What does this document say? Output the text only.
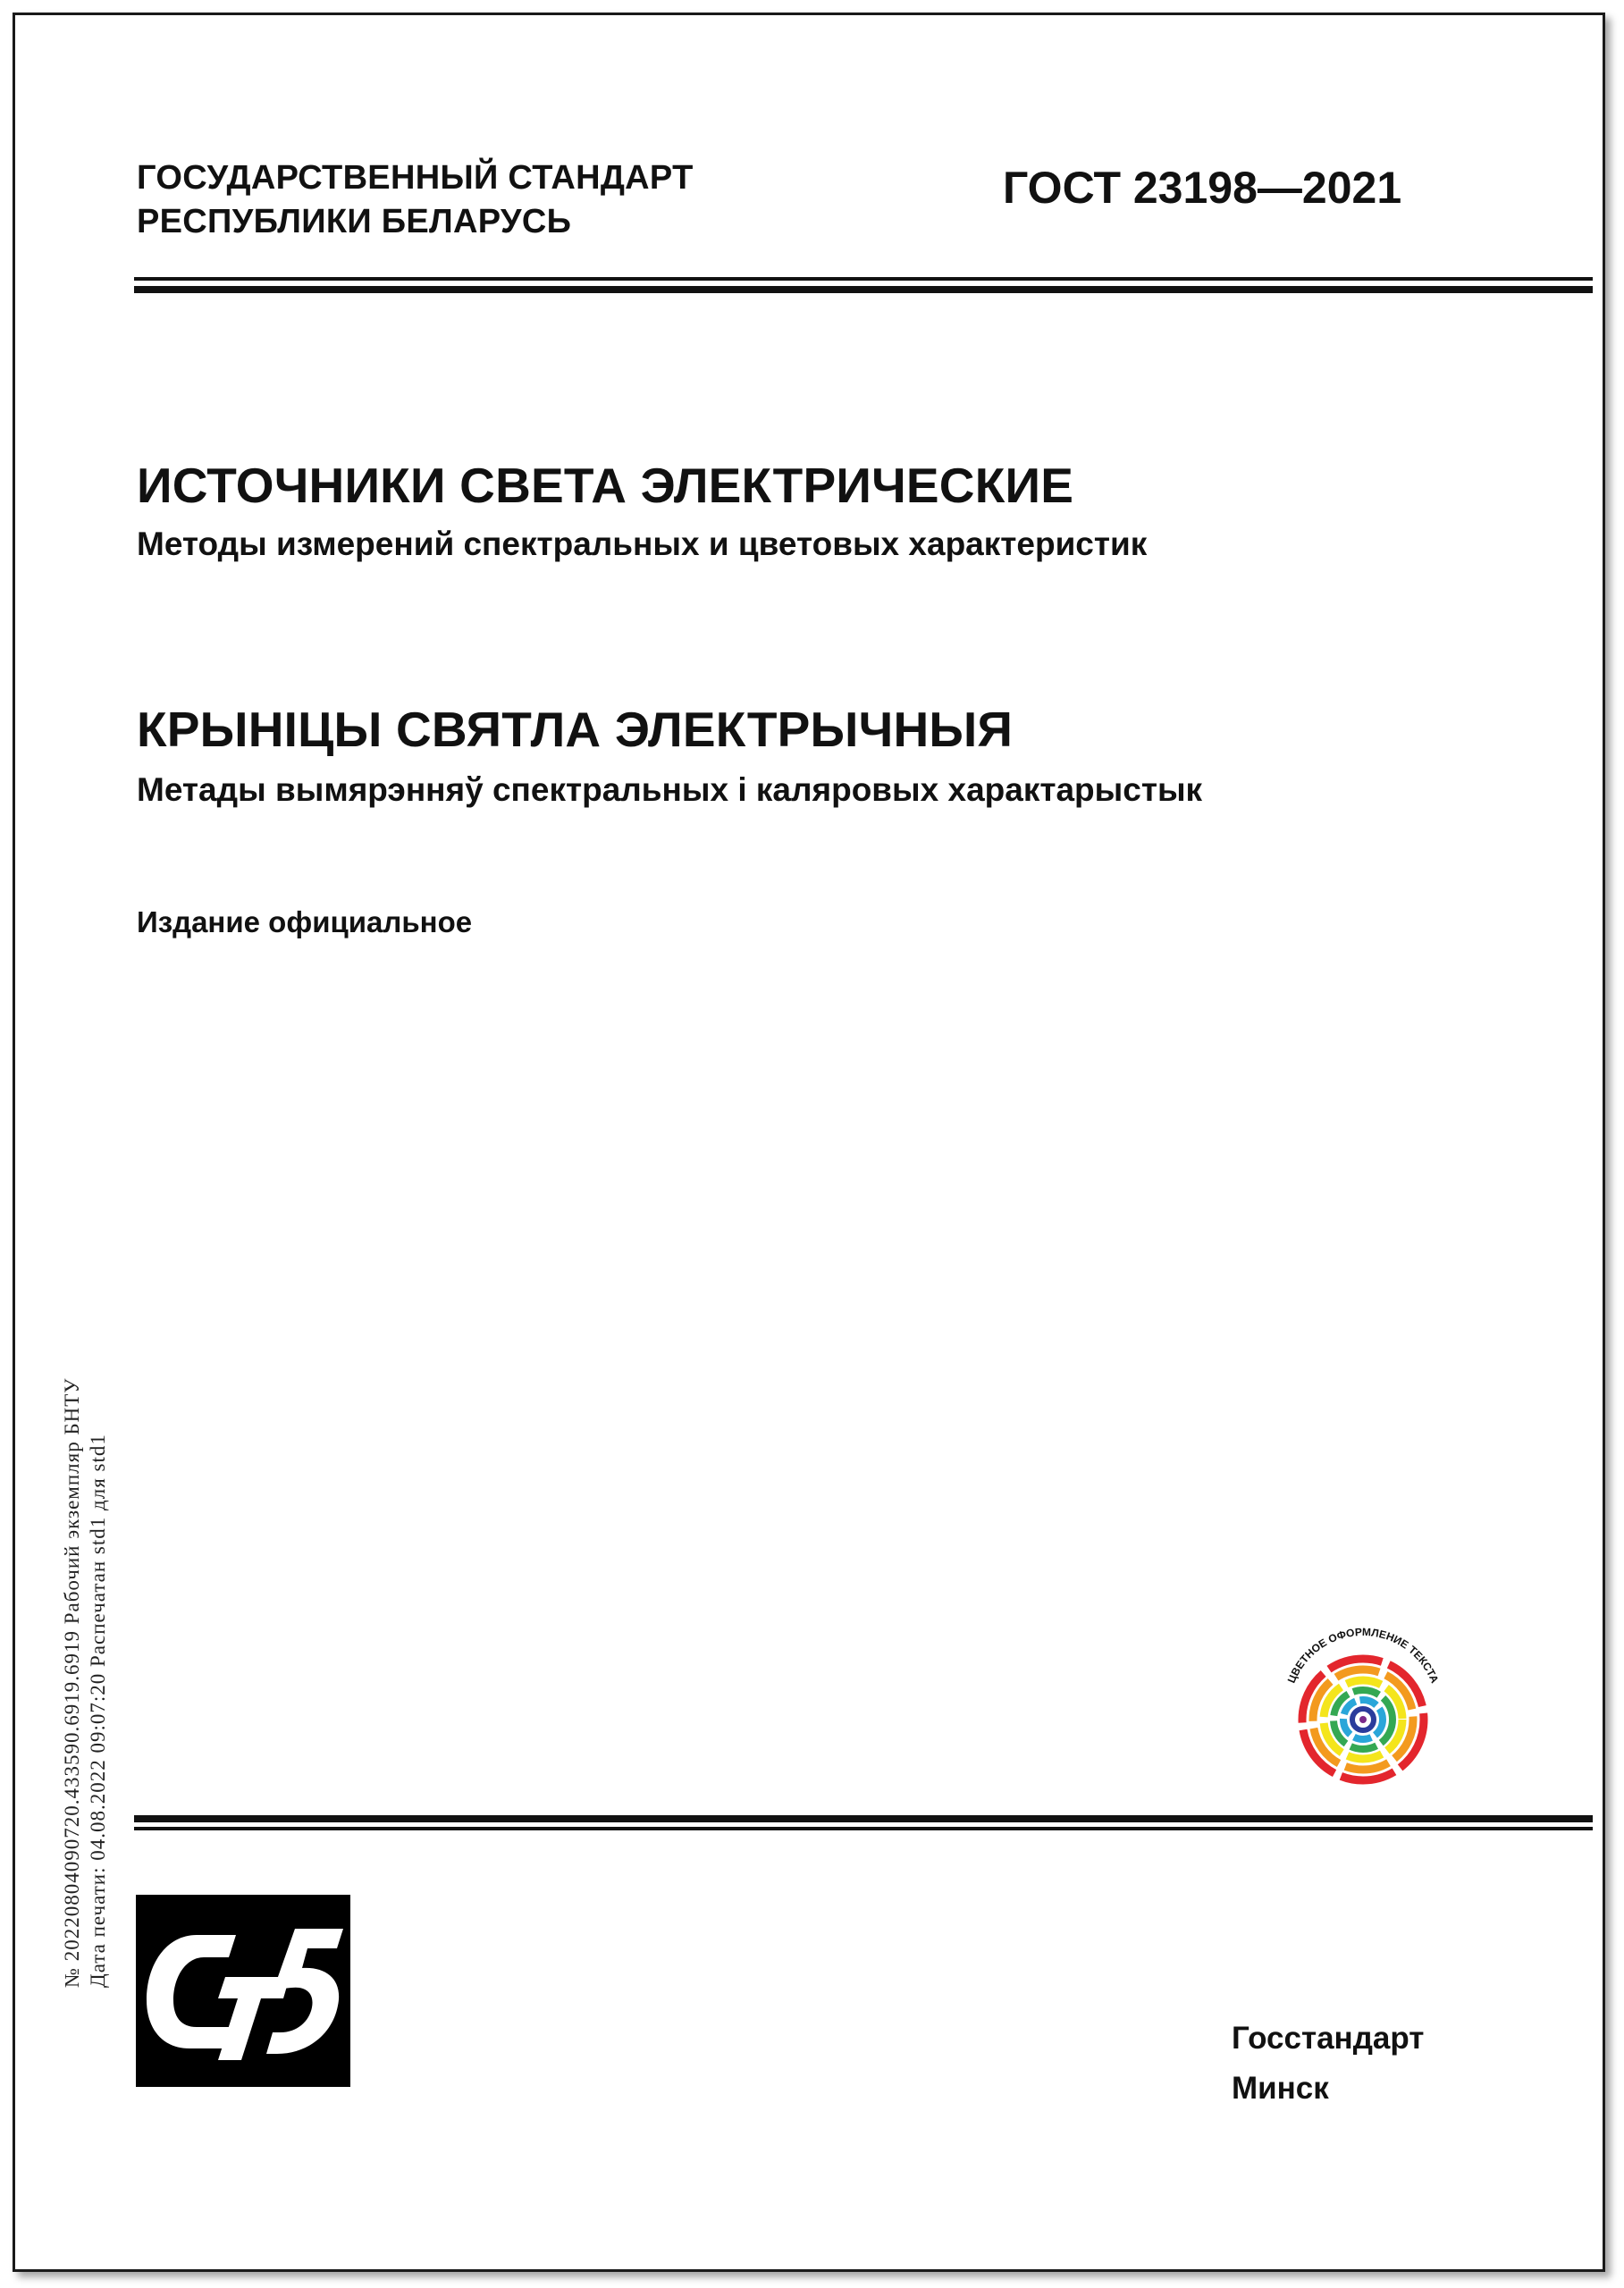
ГОСУДАРСТВЕННЫЙ СТАНДАРТ
РЕСПУБЛИКИ БЕЛАРУСЬ
ГОСТ 23198—2021
ИСТОЧНИКИ СВЕТА ЭЛЕКТРИЧЕСКИЕ
Методы измерений спектральных и цветовых характеристик
КРЫНІЦЫ СВЯТЛА ЭЛЕКТРЫЧНЫЯ
Метады вымярэнняў спектральных і каляровых характарыстык
Издание официальное
№ 20220804090720.433590.6919.6919 Рабочий экземпляр БНТУ Дата печати: 04.08.2022 09:07:20 Распечатан std1 для std1	ЦВЕТНОЕ ОФОРМЛЕНИЕ ТЕКСТА
Ст5
Госстандарт
Минск
